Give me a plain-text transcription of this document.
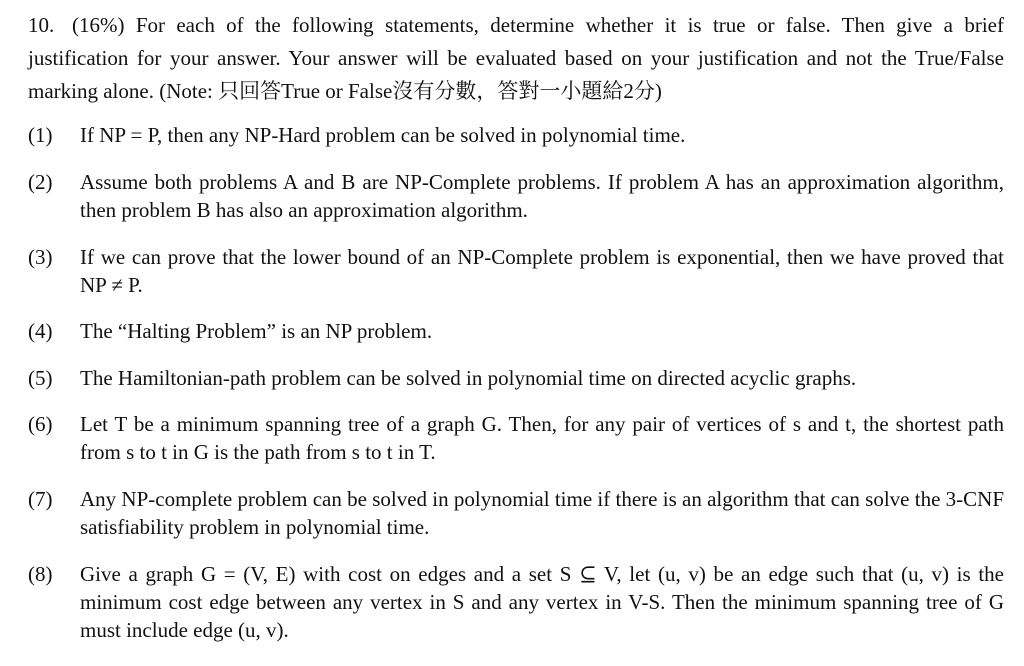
10. (16%) For each of the following statements, determine whether it is true or false. Then give a brief justification for your answer. Your answer will be evaluated based on your justification and not the True/False marking alone. (Note: 只回答True or False沒有分數，答對一小題給2分)
(1)	If NP = P, then any NP-Hard problem can be solved in polynomial time.
(2)	Assume both problems A and B are NP-Complete problems. If problem A has an approximation algorithm, then problem B has also an approximation algorithm.
(3)	If we can prove that the lower bound of an NP-Complete problem is exponential, then we have proved that NP ≠ P.
(4)	The “Halting Problem” is an NP problem.
(5)	The Hamiltonian-path problem can be solved in polynomial time on directed acyclic graphs.
(6)	Let T be a minimum spanning tree of a graph G. Then, for any pair of vertices of s and t, the shortest path from s to t in G is the path from s to t in T.
(7)	Any NP-complete problem can be solved in polynomial time if there is an algorithm that can solve the 3-CNF satisfiability problem in polynomial time.
(8)	Give a graph G = (V, E) with cost on edges and a set S ⊆ V, let (u, v) be an edge such that (u, v) is the minimum cost edge between any vertex in S and any vertex in V-S. Then the minimum spanning tree of G must include edge (u, v).
